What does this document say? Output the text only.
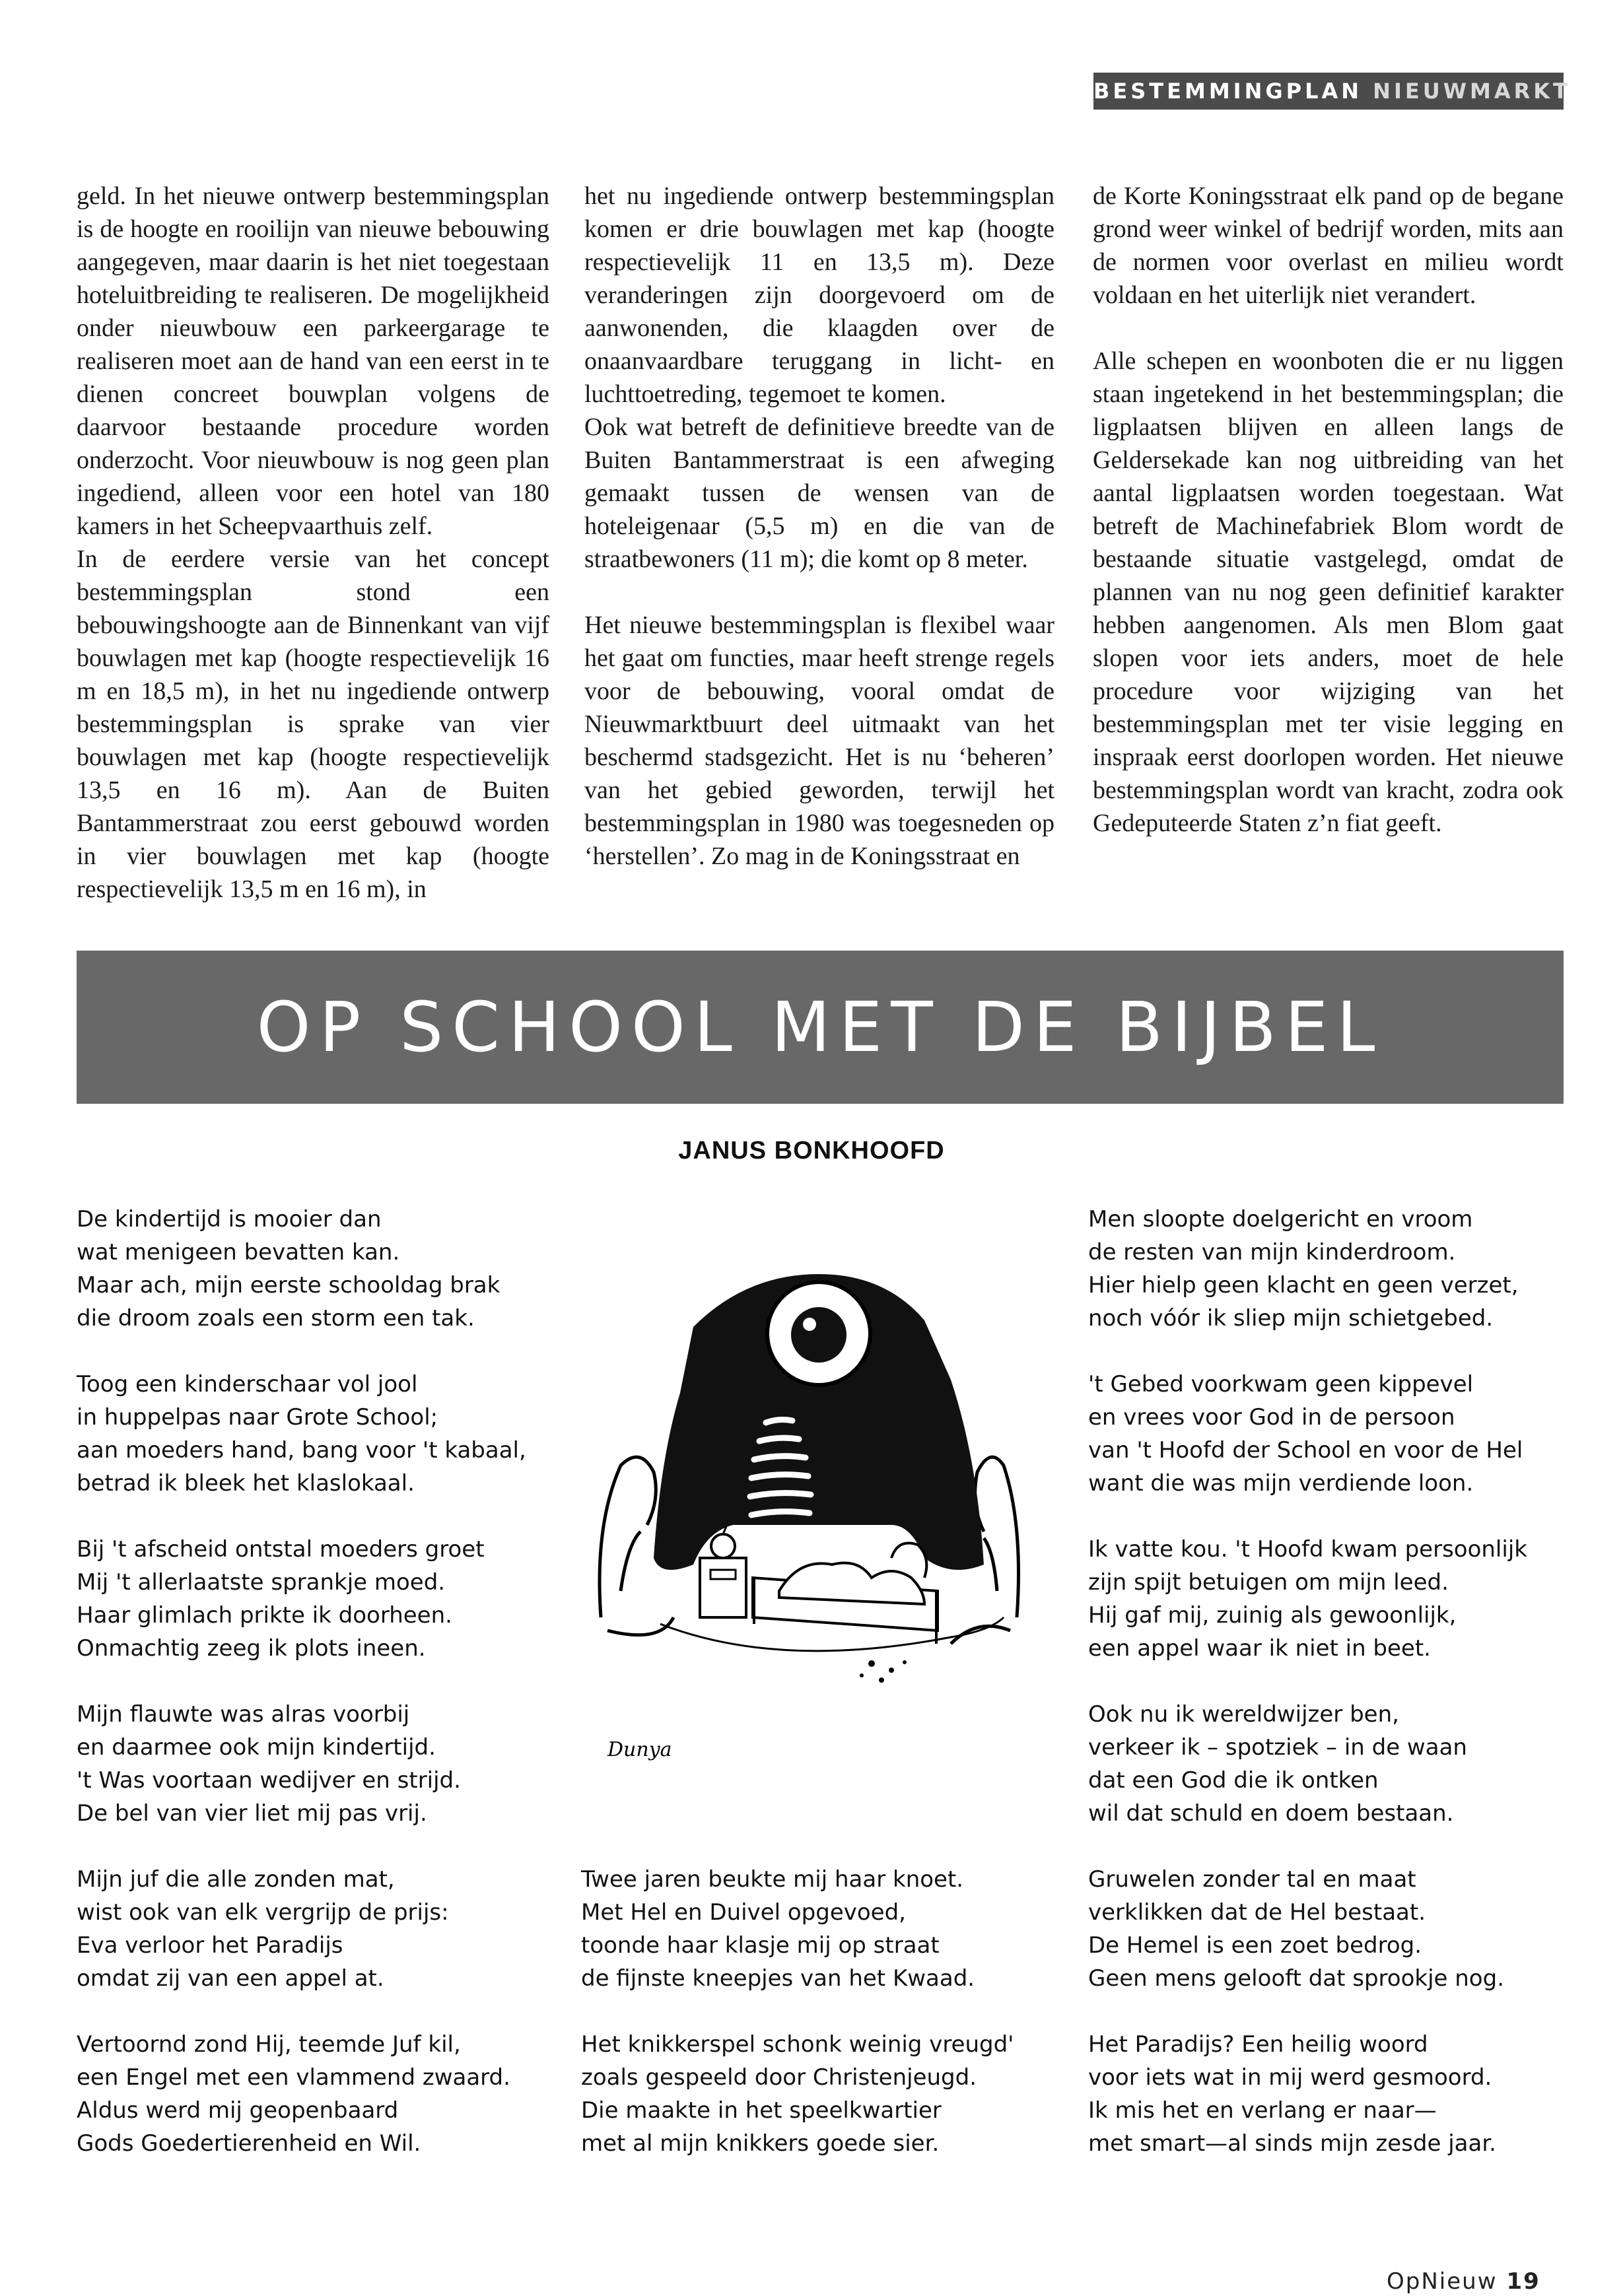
BESTEMMINGPLAN NIEUWMARKT

geld. In het nieuwe ontwerp bestemmingsplan is de hoogte en rooilijn van nieuwe bebouwing aangegeven, maar daarin is het niet toegestaan hoteluitbreiding te realiseren. De mogelijkheid onder nieuwbouw een parkeergarage te realiseren moet aan de hand van een eerst in te dienen concreet bouwplan volgens de daarvoor bestaande procedure worden onderzocht. Voor nieuwbouw is nog geen plan ingediend, alleen voor een hotel van 180 kamers in het Scheepvaarthuis zelf.

In de eerdere versie van het concept bestemmingsplan stond een bebouwingshoogte aan de Binnenkant van vijf bouwlagen met kap (hoogte respectievelijk 16 m en 18,5 m), in het nu ingediende ontwerp bestemmingsplan is sprake van vier bouwlagen met kap (hoogte respectievelijk 13,5 en 16 m). Aan de Buiten Bantammerstraat zou eerst gebouwd worden in vier bouwlagen met kap (hoogte respectievelijk 13,5 m en 16 m), in

het nu ingediende ontwerp bestemmingsplan komen er drie bouwlagen met kap (hoogte respectievelijk 11 en 13,5 m). Deze veranderingen zijn doorgevoerd om de aanwonenden, die klaagden over de onaanvaardbare teruggang in licht- en luchttoetreding, tegemoet te komen.

Ook wat betreft de definitieve breedte van de Buiten Bantammerstraat is een afweging gemaakt tussen de wensen van de hoteleigenaar (5,5 m) en die van de straatbewoners (11 m); die komt op 8 meter.

Het nieuwe bestemmingsplan is flexibel waar het gaat om functies, maar heeft strenge regels voor de bebouwing, vooral omdat de Nieuwmarktbuurt deel uitmaakt van het beschermd stadsgezicht. Het is nu ‘beheren’ van het gebied geworden, terwijl het bestemmingsplan in 1980 was toegesneden op ‘herstellen’. Zo mag in de Koningsstraat en

de Korte Koningsstraat elk pand op de begane grond weer winkel of bedrijf worden, mits aan de normen voor overlast en milieu wordt voldaan en het uiterlijk niet verandert.

Alle schepen en woonboten die er nu liggen staan ingetekend in het bestemmingsplan; die ligplaatsen blijven en alleen langs de Geldersekade kan nog uitbreiding van het aantal ligplaatsen worden toegestaan. Wat betreft de Machinefabriek Blom wordt de bestaande situatie vastgelegd, omdat de plannen van nu nog geen definitief karakter hebben aangenomen. Als men Blom gaat slopen voor iets anders, moet de hele procedure voor wijziging van het bestemmingsplan met ter visie legging en inspraak eerst doorlopen worden. Het nieuwe bestemmingsplan wordt van kracht, zodra ook Gedeputeerde Staten z’n fiat geeft.

OP SCHOOL MET DE BIJBEL
JANUS BONKHOOFD
De kindertijd is mooier dan
wat menigeen bevatten kan.
Maar ach, mijn eerste schooldag brak
die droom zoals een storm een tak.
Toog een kinderschaar vol jool
in huppelpas naar Grote School;
aan moeders hand, bang voor 't kabaal,
betrad ik bleek het klaslokaal.
Bij 't afscheid ontstal moeders groet
Mij 't allerlaatste sprankje moed.
Haar glimlach prikte ik doorheen.
Onmachtig zeeg ik plots ineen.
Mijn flauwte was alras voorbij
en daarmee ook mijn kindertijd.
't Was voortaan wedijver en strijd.
De bel van vier liet mij pas vrij.
Mijn juf die alle zonden mat,
wist ook van elk vergrijp de prijs:
Eva verloor het Paradijs
omdat zij van een appel at.
Vertoornd zond Hij, teemde Juf kil,
een Engel met een vlammend zwaard.
Aldus werd mij geopenbaard
Gods Goedertierenheid en Wil.
Twee jaren beukte mij haar knoet.
Met Hel en Duivel opgevoed,
toonde haar klasje mij op straat
de fijnste kneepjes van het Kwaad.
Het knikkerspel schonk weinig vreugd'
zoals gespeeld door Christenjeugd.
Die maakte in het speelkwartier
met al mijn knikkers goede sier.
Men sloopte doelgericht en vroom
de resten van mijn kinderdroom.
Hier hielp geen klacht en geen verzet,
noch vóór ik sliep mijn schietgebed.
't Gebed voorkwam geen kippevel
en vrees voor God in de persoon
van 't Hoofd der School en voor de Hel
want die was mijn verdiende loon.
Ik vatte kou. 't Hoofd kwam persoonlijk
zijn spijt betuigen om mijn leed.
Hij gaf mij, zuinig als gewoonlijk,
een appel waar ik niet in beet.
Ook nu ik wereldwijzer ben,
verkeer ik – spotziek – in de waan
dat een God die ik ontken
wil dat schuld en doem bestaan.
Gruwelen zonder tal en maat
verklikken dat de Hel bestaat.
De Hemel is een zoet bedrog.
Geen mens gelooft dat sprookje nog.
Het Paradijs? Een heilig woord
voor iets wat in mij werd gesmoord.
Ik mis het en verlang er naar—
met smart—al sinds mijn zesde jaar.
Dunya
OpNieuw 19
